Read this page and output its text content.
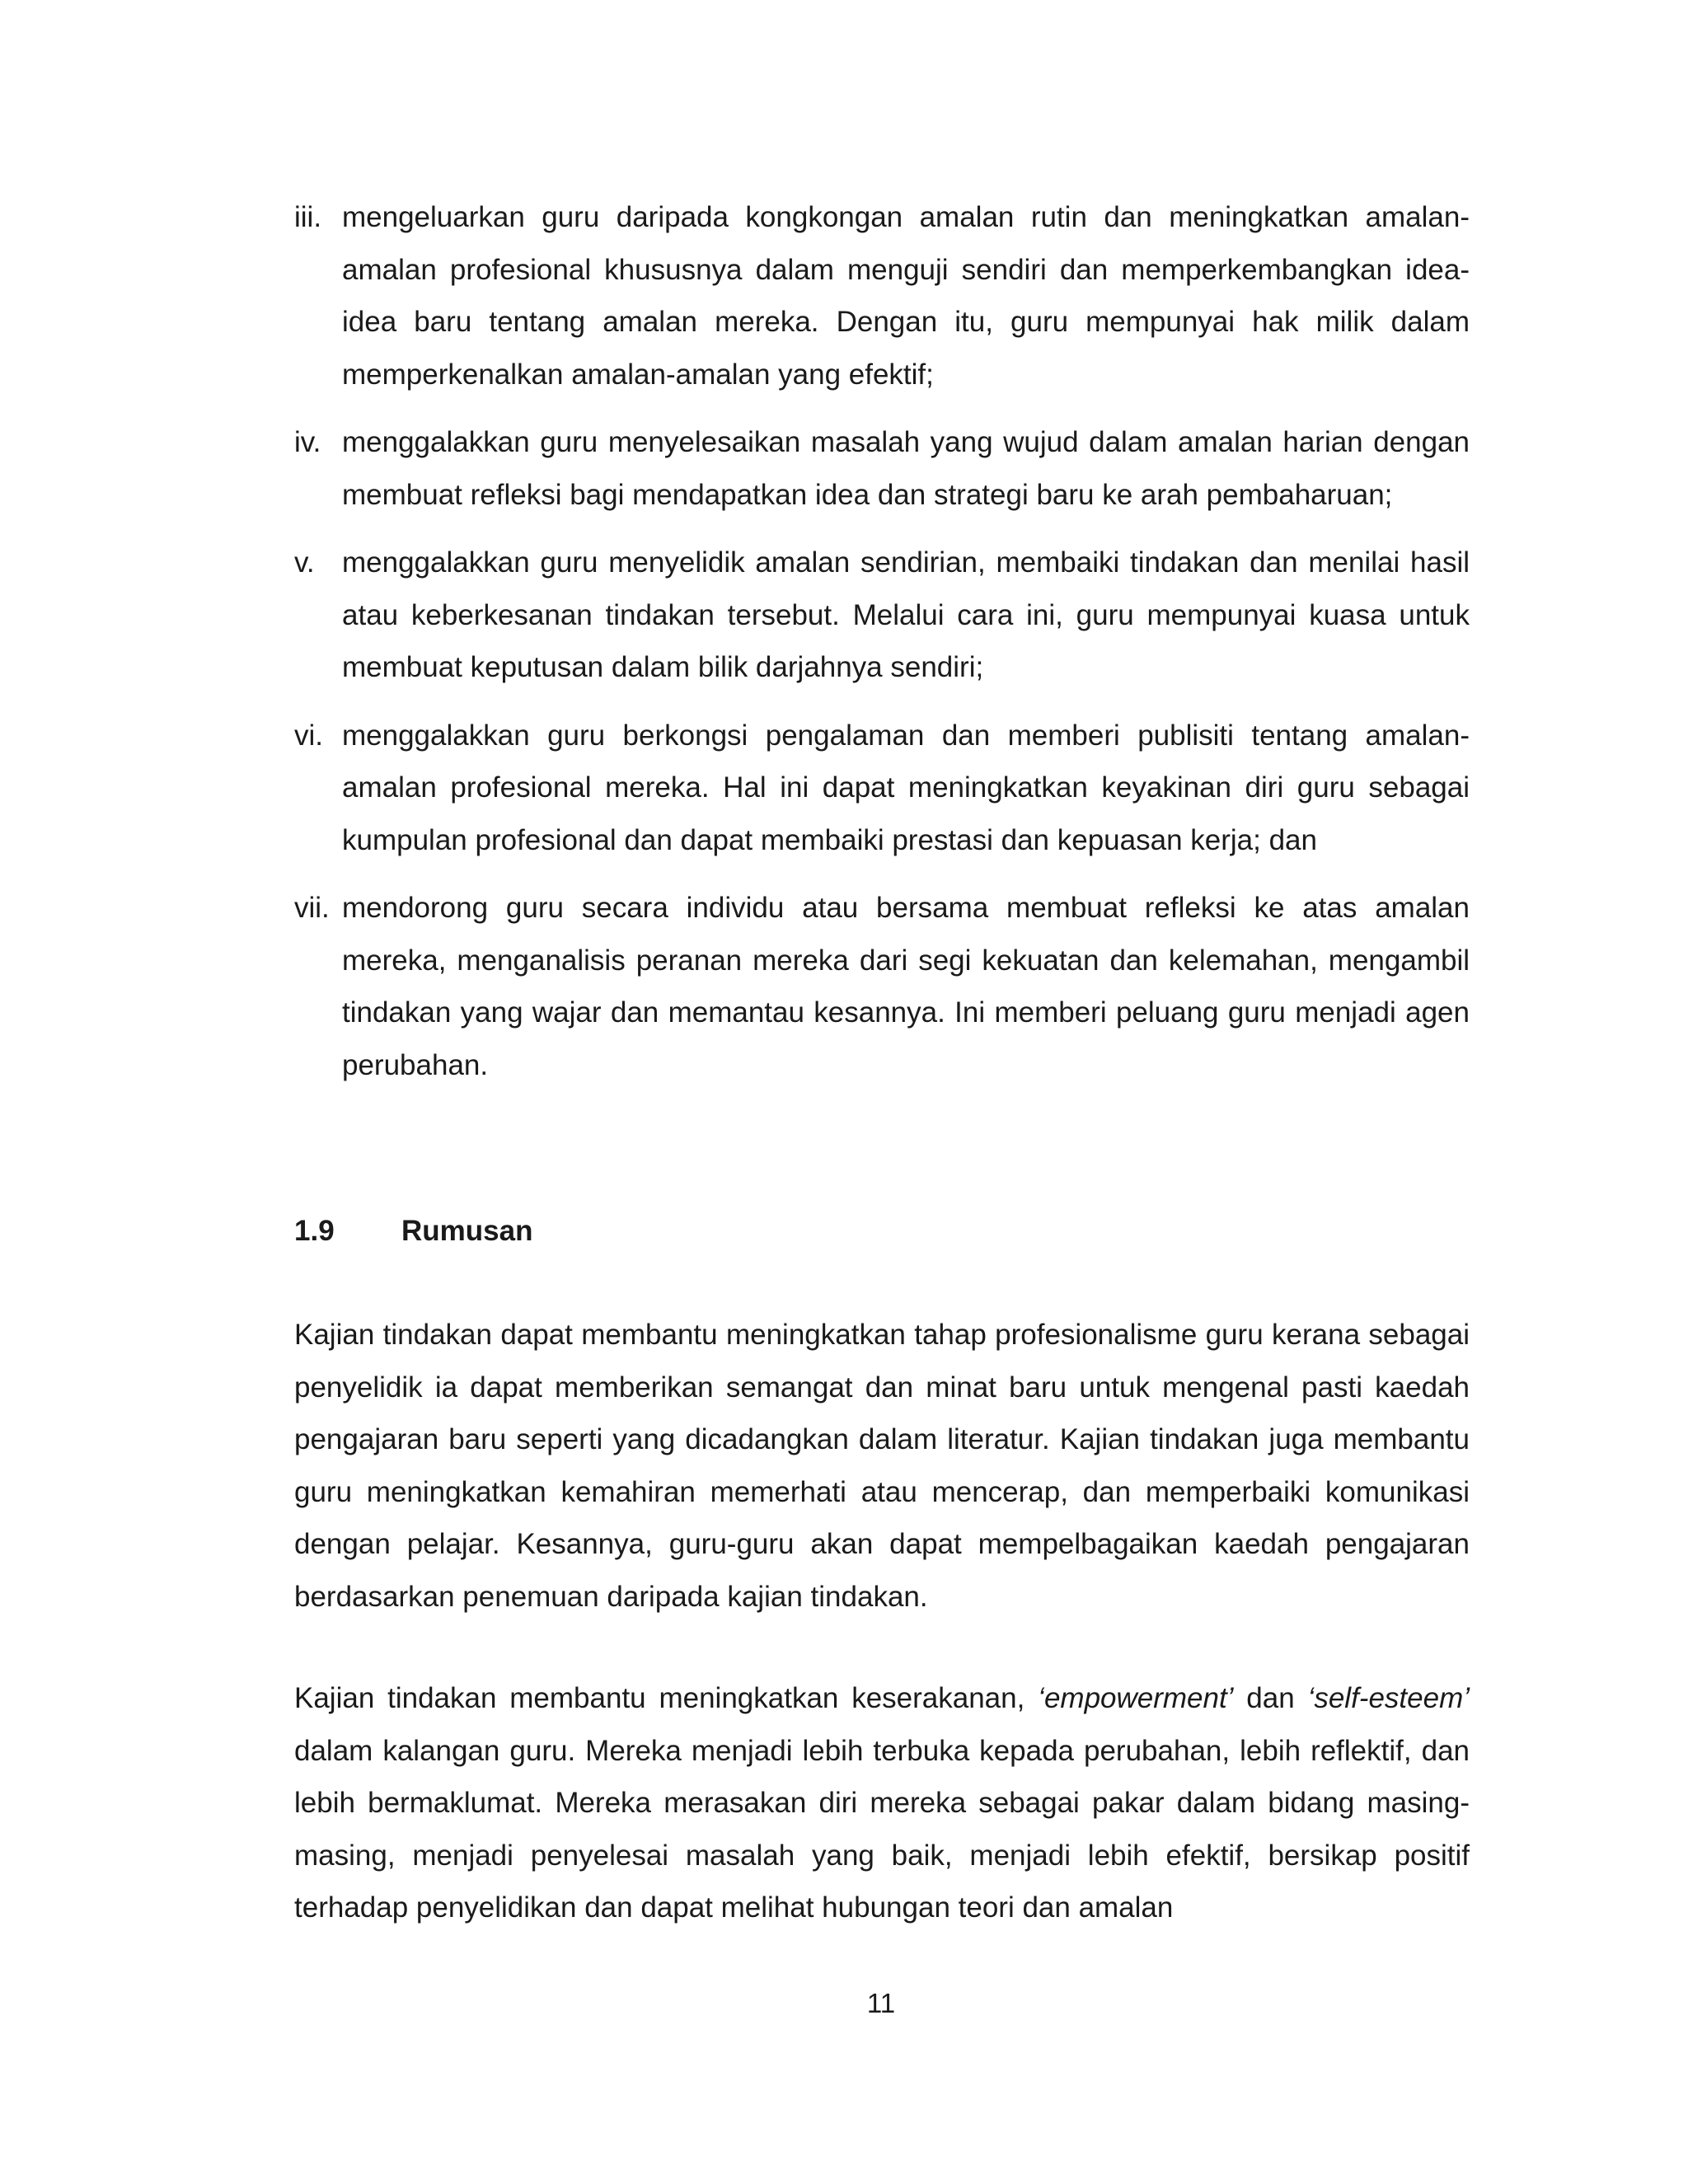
iii. mengeluarkan guru daripada kongkongan amalan rutin dan meningkatkan amalan-amalan profesional khususnya dalam menguji sendiri dan memperkembangkan idea-idea baru tentang amalan mereka. Dengan itu, guru mempunyai hak milik dalam memperkenalkan amalan-amalan yang efektif;
iv. menggalakkan guru menyelesaikan masalah yang wujud dalam amalan harian dengan membuat refleksi bagi mendapatkan idea dan strategi baru ke arah pembaharuan;
v. menggalakkan guru menyelidik amalan sendirian, membaiki tindakan dan menilai hasil atau keberkesanan tindakan tersebut. Melalui cara ini, guru mempunyai kuasa untuk membuat keputusan dalam bilik darjahnya sendiri;
vi. menggalakkan guru berkongsi pengalaman dan memberi publisiti tentang amalan-amalan profesional mereka. Hal ini dapat meningkatkan keyakinan diri guru sebagai kumpulan profesional dan dapat membaiki prestasi dan kepuasan kerja; dan
vii. mendorong guru secara individu atau bersama membuat refleksi ke atas amalan mereka, menganalisis peranan mereka dari segi kekuatan dan kelemahan, mengambil tindakan yang wajar dan memantau kesannya. Ini memberi peluang guru menjadi agen perubahan.
1.9	Rumusan

Kajian tindakan dapat membantu meningkatkan tahap profesionalisme guru kerana sebagai penyelidik ia dapat memberikan semangat dan minat baru untuk mengenal pasti kaedah pengajaran baru seperti yang dicadangkan dalam literatur. Kajian tindakan juga membantu guru meningkatkan kemahiran memerhati atau mencerap, dan memperbaiki komunikasi dengan pelajar. Kesannya, guru-guru akan dapat mempelbagaikan kaedah pengajaran berdasarkan penemuan daripada kajian tindakan.

Kajian tindakan membantu meningkatkan keserakanan, ‘empowerment’ dan ‘self-esteem’ dalam kalangan guru. Mereka menjadi lebih terbuka kepada perubahan, lebih reflektif, dan lebih bermaklumat. Mereka merasakan diri mereka sebagai pakar dalam bidang masing-masing, menjadi penyelesai masalah yang baik, menjadi lebih efektif, bersikap positif terhadap penyelidikan dan dapat melihat hubungan teori dan amalan

11
